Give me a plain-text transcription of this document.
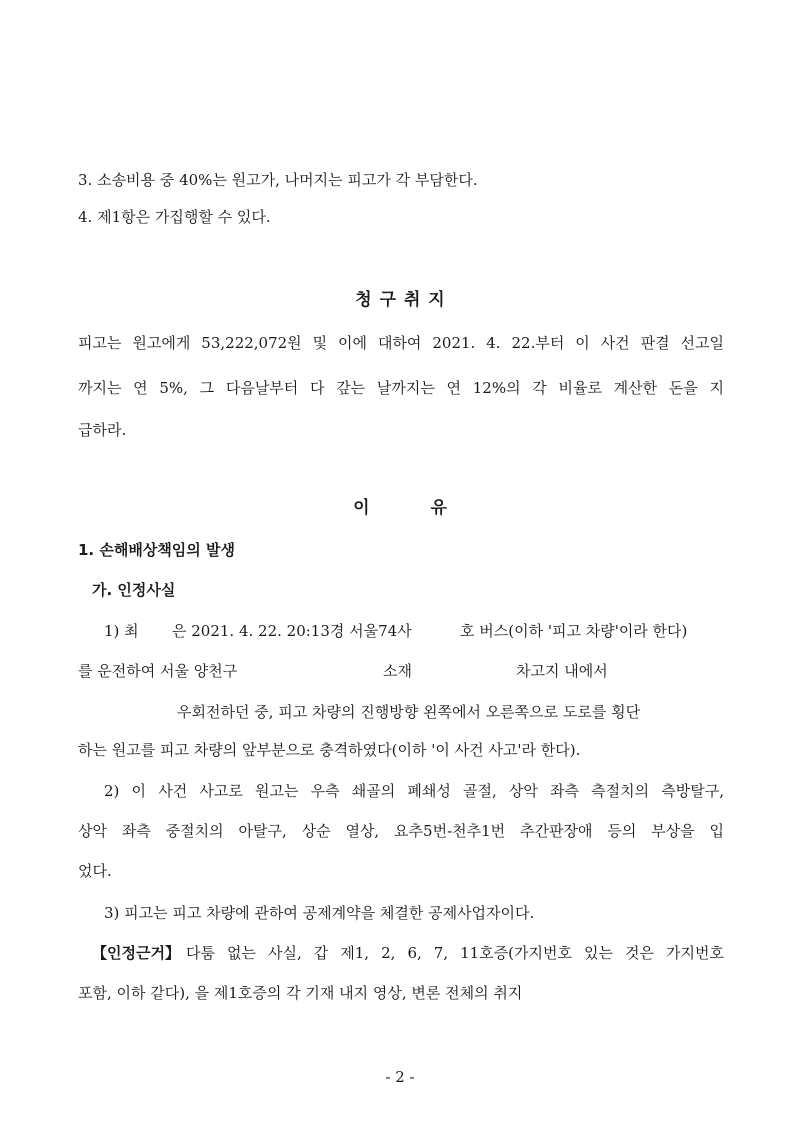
3. 소송비용 중 40%는 원고가, 나머지는 피고가 각 부담한다.
4. 제1항은 가집행할 수 있다.
청 구 취 지
피고는 원고에게 53,222,072원 및 이에 대하여 2021. 4. 22.부터 이 사건 판결 선고일
까지는 연 5%, 그 다음날부터 다 갚는 날까지는 연 12%의 각 비율로 계산한 돈을 지
급하라.
이 유
1. 손해배상책임의 발생
가. 인정사실
1) 최 은 2021. 4. 22. 20:13경 서울74사	호 버스(이하 '피고 차량'이라 한다)
를 운전하여 서울 양천구	소재	차고지 내에서
우회전하던 중, 피고 차량의 진행방향 왼쪽에서 오른쪽으로 도로를 횡단
하는 원고를 피고 차량의 앞부분으로 충격하였다(이하 '이 사건 사고'라 한다).
2) 이 사건 사고로 원고는 우측 쇄골의 폐쇄성 골절, 상악 좌측 측절치의 측방탈구,
상악 좌측 중절치의 아탈구, 상순 열상, 요추5번-천추1번 추간판장애 등의 부상을 입
었다.
3) 피고는 피고 차량에 관하여 공제계약을 체결한 공제사업자이다.
【인정근거】 다툼 없는 사실, 갑 제1, 2, 6, 7, 11호증(가지번호 있는 것은 가지번호
포함, 이하 같다), 을 제1호증의 각 기재 내지 영상, 변론 전체의 취지
- 2 -
